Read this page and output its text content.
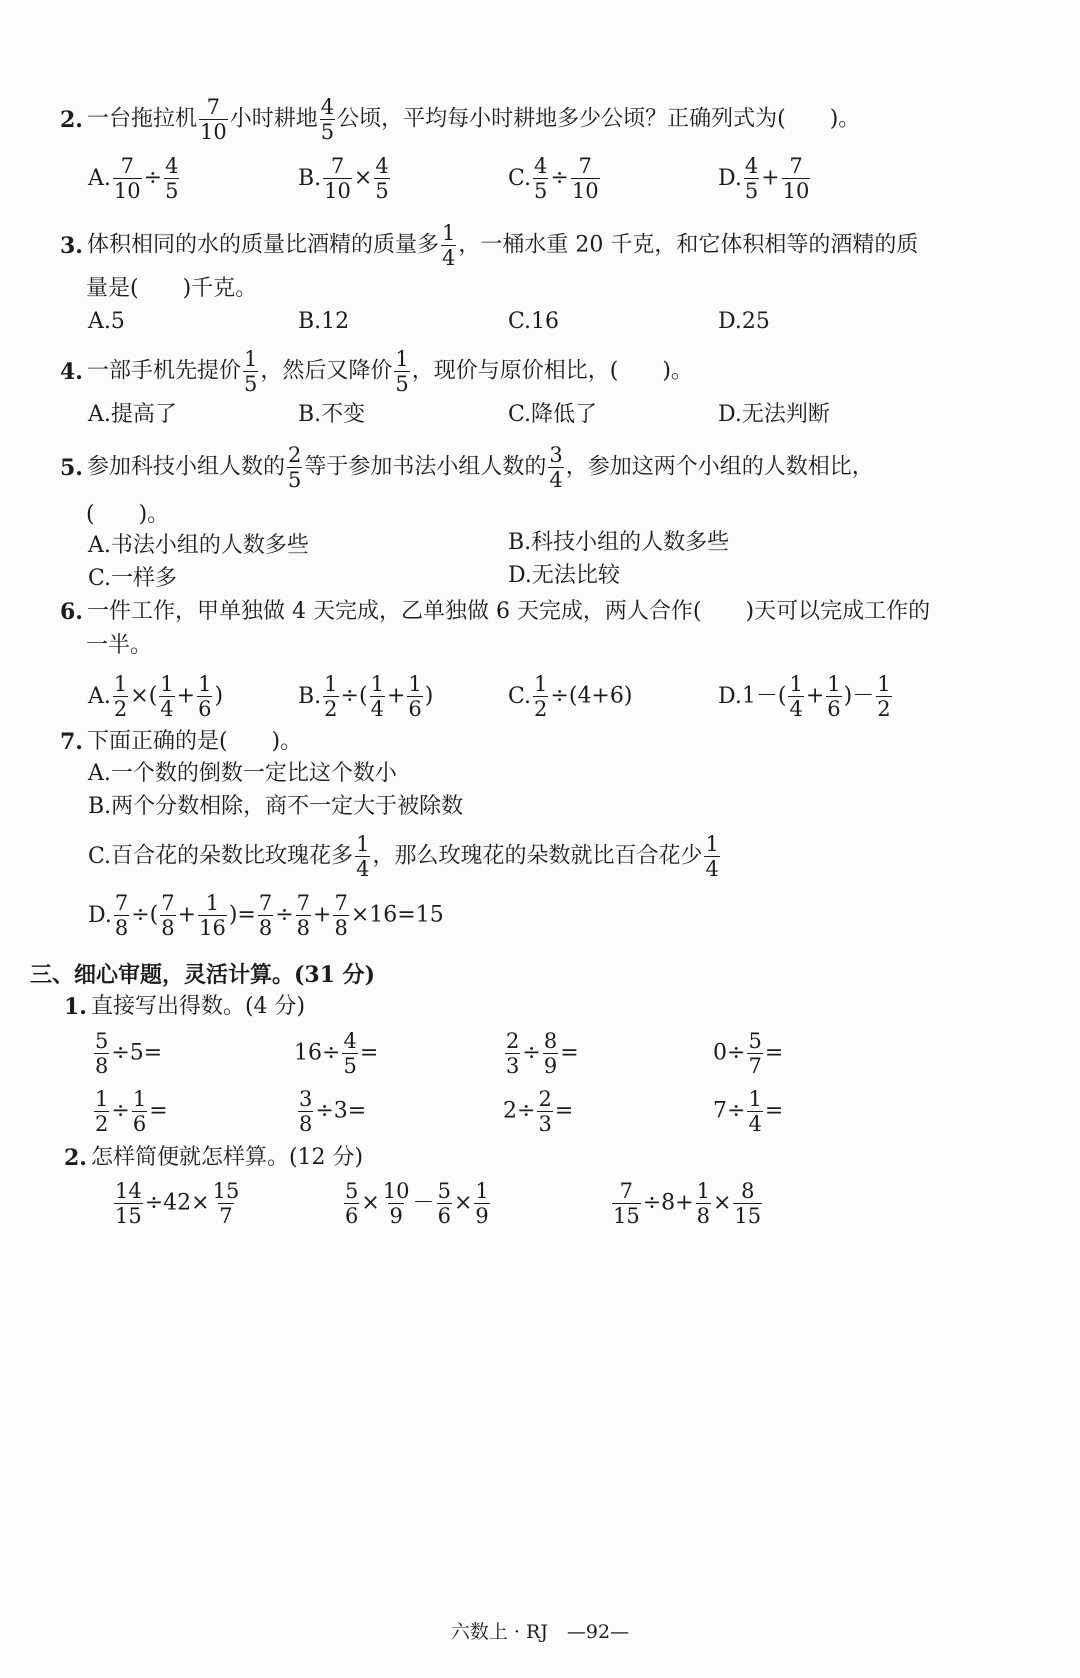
2. 一台拖拉机 $\frac{7}{10}$ 小时耕地 $\frac{4}{5}$ 公顷，平均每小时耕地多少公顷？正确列式为(　　)。
A. $\frac{7}{10} \div \frac{4}{5}$	B. $\frac{7}{10} \times \frac{4}{5}$	C. $\frac{4}{5} \div \frac{7}{10}$	D. $\frac{4}{5} + \frac{7}{10}$
3. 体积相同的水的质量比酒精的质量多 $\frac{1}{4}$ ，一桶水重 20 千克，和它体积相等的酒精的质
量是(　　)千克。
A. 5	B. 12	C. 16	D. 25
4. 一部手机先提价 $\frac{1}{5}$ ，然后又降价 $\frac{1}{5}$ ，现价与原价相比，(　　)。
A. 提高了	B. 不变	C. 降低了	D. 无法判断
5. 参加科技小组人数的 $\frac{2}{5}$ 等于参加书法小组人数的 $\frac{3}{4}$ ，参加这两个小组的人数相比，
(　　)。
A. 书法小组的人数多些	B. 科技小组的人数多些
C. 一样多	D. 无法比较
6. 一件工作，甲单独做 4 天完成，乙单独做 6 天完成，两人合作(　　)天可以完成工作的
一半。
A. $\frac{1}{2}$ ×( $\frac{1}{4} + \frac{1}{6}$ )	B. $\frac{1}{2}$ ÷( $\frac{1}{4} + \frac{1}{6}$ )	C. $\frac{1}{2} \div(4+6)$	D. $1-( \frac{1}{4} + \frac{1}{6}$ )－ $\frac{1}{2}$
7. 下面正确的是(　　)。
A. 一个数的倒数一定比这个数小
B. 两个分数相除，商不一定大于被除数
C. 百合花的朵数比玫瑰花多 $\frac{1}{4}$ ，那么玫瑰花的朵数就比百合花少 $\frac{1}{4}$
D. $\frac{7}{8}$ ÷( $\frac{7}{8} + \frac{1}{16}$ )= $\frac{7}{8} \div \frac{7}{8} + \frac{7}{8} \times 16=15$
三、细心审题，灵活计算。(31 分)
1. 直接写出得数。(4 分)
$\frac{5}{8} \div 5=$	$16\div \frac{4}{5}$ =	$\frac{2}{3} \div \frac{8}{9}$ =	$0\div \frac{5}{7}$ =
$\frac{1}{2} \div \frac{1}{6}$ =	$\frac{3}{8} \div 3=$	$2\div \frac{2}{3}$ =	$7\div \frac{1}{4}$ =
2. 怎样简便就怎样算。(12 分)
$\frac{14}{15} \div 42\times \frac{15}{7}$	$\frac{5}{6} \times \frac{10}{9} - \frac{5}{6} \times \frac{1}{9}$	$\frac{7}{15} \div 8+ \frac{1}{8} \times \frac{8}{15}$
六数上 · RJ　—92—
